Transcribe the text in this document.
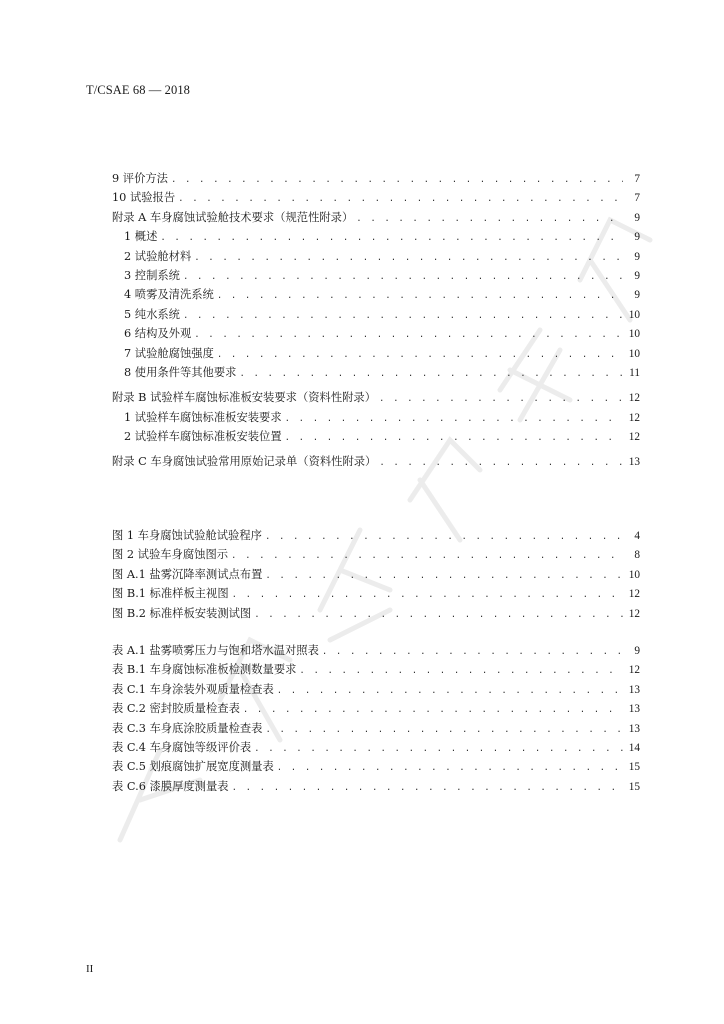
T/CSAE 68 — 2018
9 评价方法 . . .	7
10 试验报告 . . .	7
附录 A 车身腐蚀试验舱技术要求（规范性附录） . . .	9
1 概述 . . .	9
2 试验舱材料 . . .	9
3 控制系统 . . .	9
4 喷雾及清洗系统 . . .	9
5 纯水系统 . . .	10
6 结构及外观 . . .	10
7 试验舱腐蚀强度 . . .	10
8 使用条件等其他要求 . . .	11
附录 B 试验样车腐蚀标准板安装要求（资料性附录） . . .	12
1 试验样车腐蚀标准板安装要求 . . .	12
2 试验样车腐蚀标准板安装位置 . . .	12
附录 C 车身腐蚀试验常用原始记录单（资料性附录） . . .	13
图 1 车身腐蚀试验舱试验程序 . . .	4
图 2 试验车身腐蚀图示 . . .	8
图 A.1 盐雾沉降率测试点布置 . . .	10
图 B.1 标准样板主视图 . . .	12
图 B.2 标准样板安装测试图 . . .	12
表 A.1 盐雾喷雾压力与饱和塔水温对照表 . . .	9
表 B.1 车身腐蚀标准板检测数量要求 . . .	12
表 C.1 车身涂装外观质量检查表 . . .	13
表 C.2 密封胶质量检查表 . . .	13
表 C.3 车身底涂胶质量检查表 . . .	13
表 C.4 车身腐蚀等级评价表 . . .	14
表 C.5 划痕腐蚀扩展宽度测量表 . . .	15
表 C.6 漆膜厚度测量表 . . .	15
II
